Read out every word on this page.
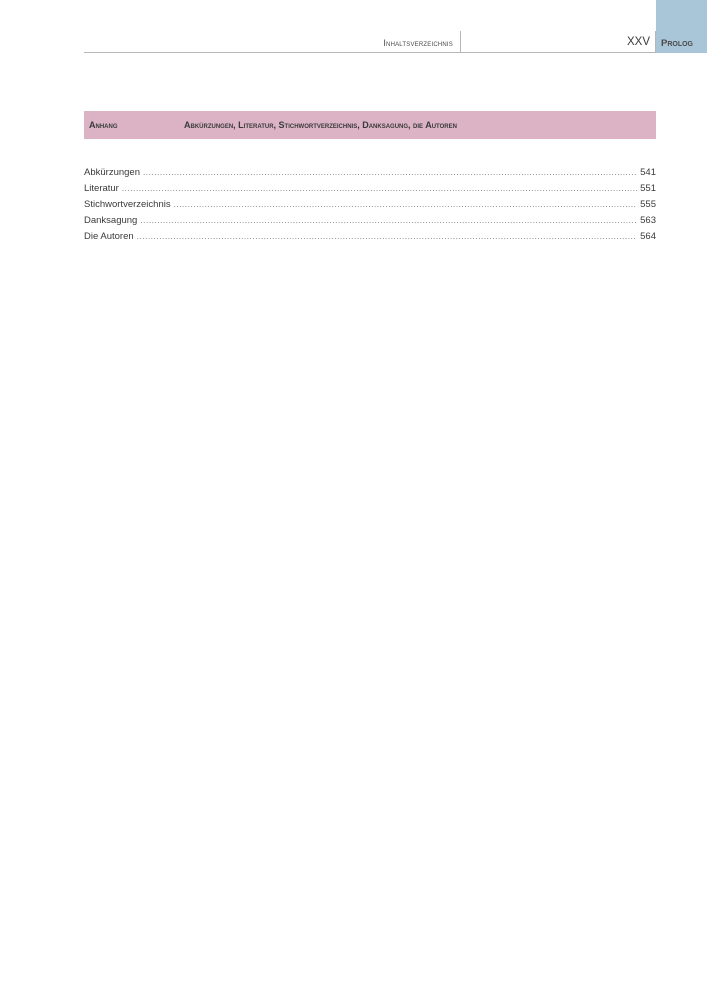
Prolog
Inhaltsverzeichnis	XXV
Anhang	Abkürzungen, Literatur, Stichwortverzeichnis, Danksagung, die Autoren
Abkürzungen .....	541
Literatur .....	551
Stichwortverzeichnis .....	555
Danksagung .....	563
Die Autoren .....	564
